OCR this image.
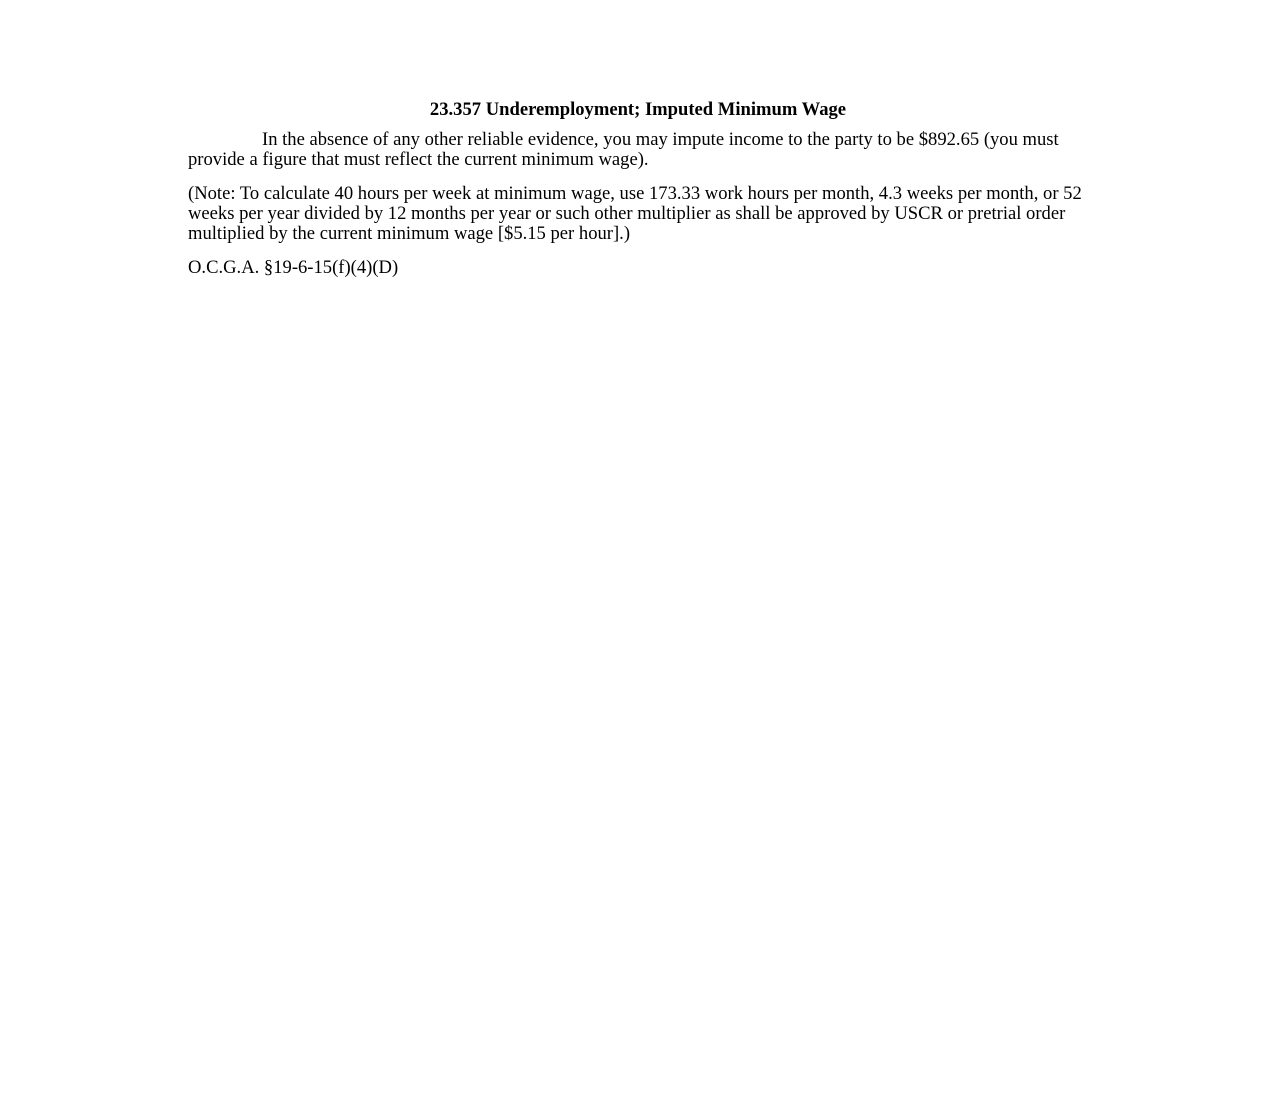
23.357 Underemployment; Imputed Minimum Wage

In the absence of any other reliable evidence, you may impute income to the party to be $892.65 (you must provide a figure that must reflect the current minimum wage).

(Note: To calculate 40 hours per week at minimum wage, use 173.33 work hours per month, 4.3 weeks per month, or 52 weeks per year divided by 12 months per year or such other multiplier as shall be approved by USCR or pretrial order multiplied by the current minimum wage [$5.15 per hour].)

O.C.G.A. §19-6-15(f)(4)(D)
